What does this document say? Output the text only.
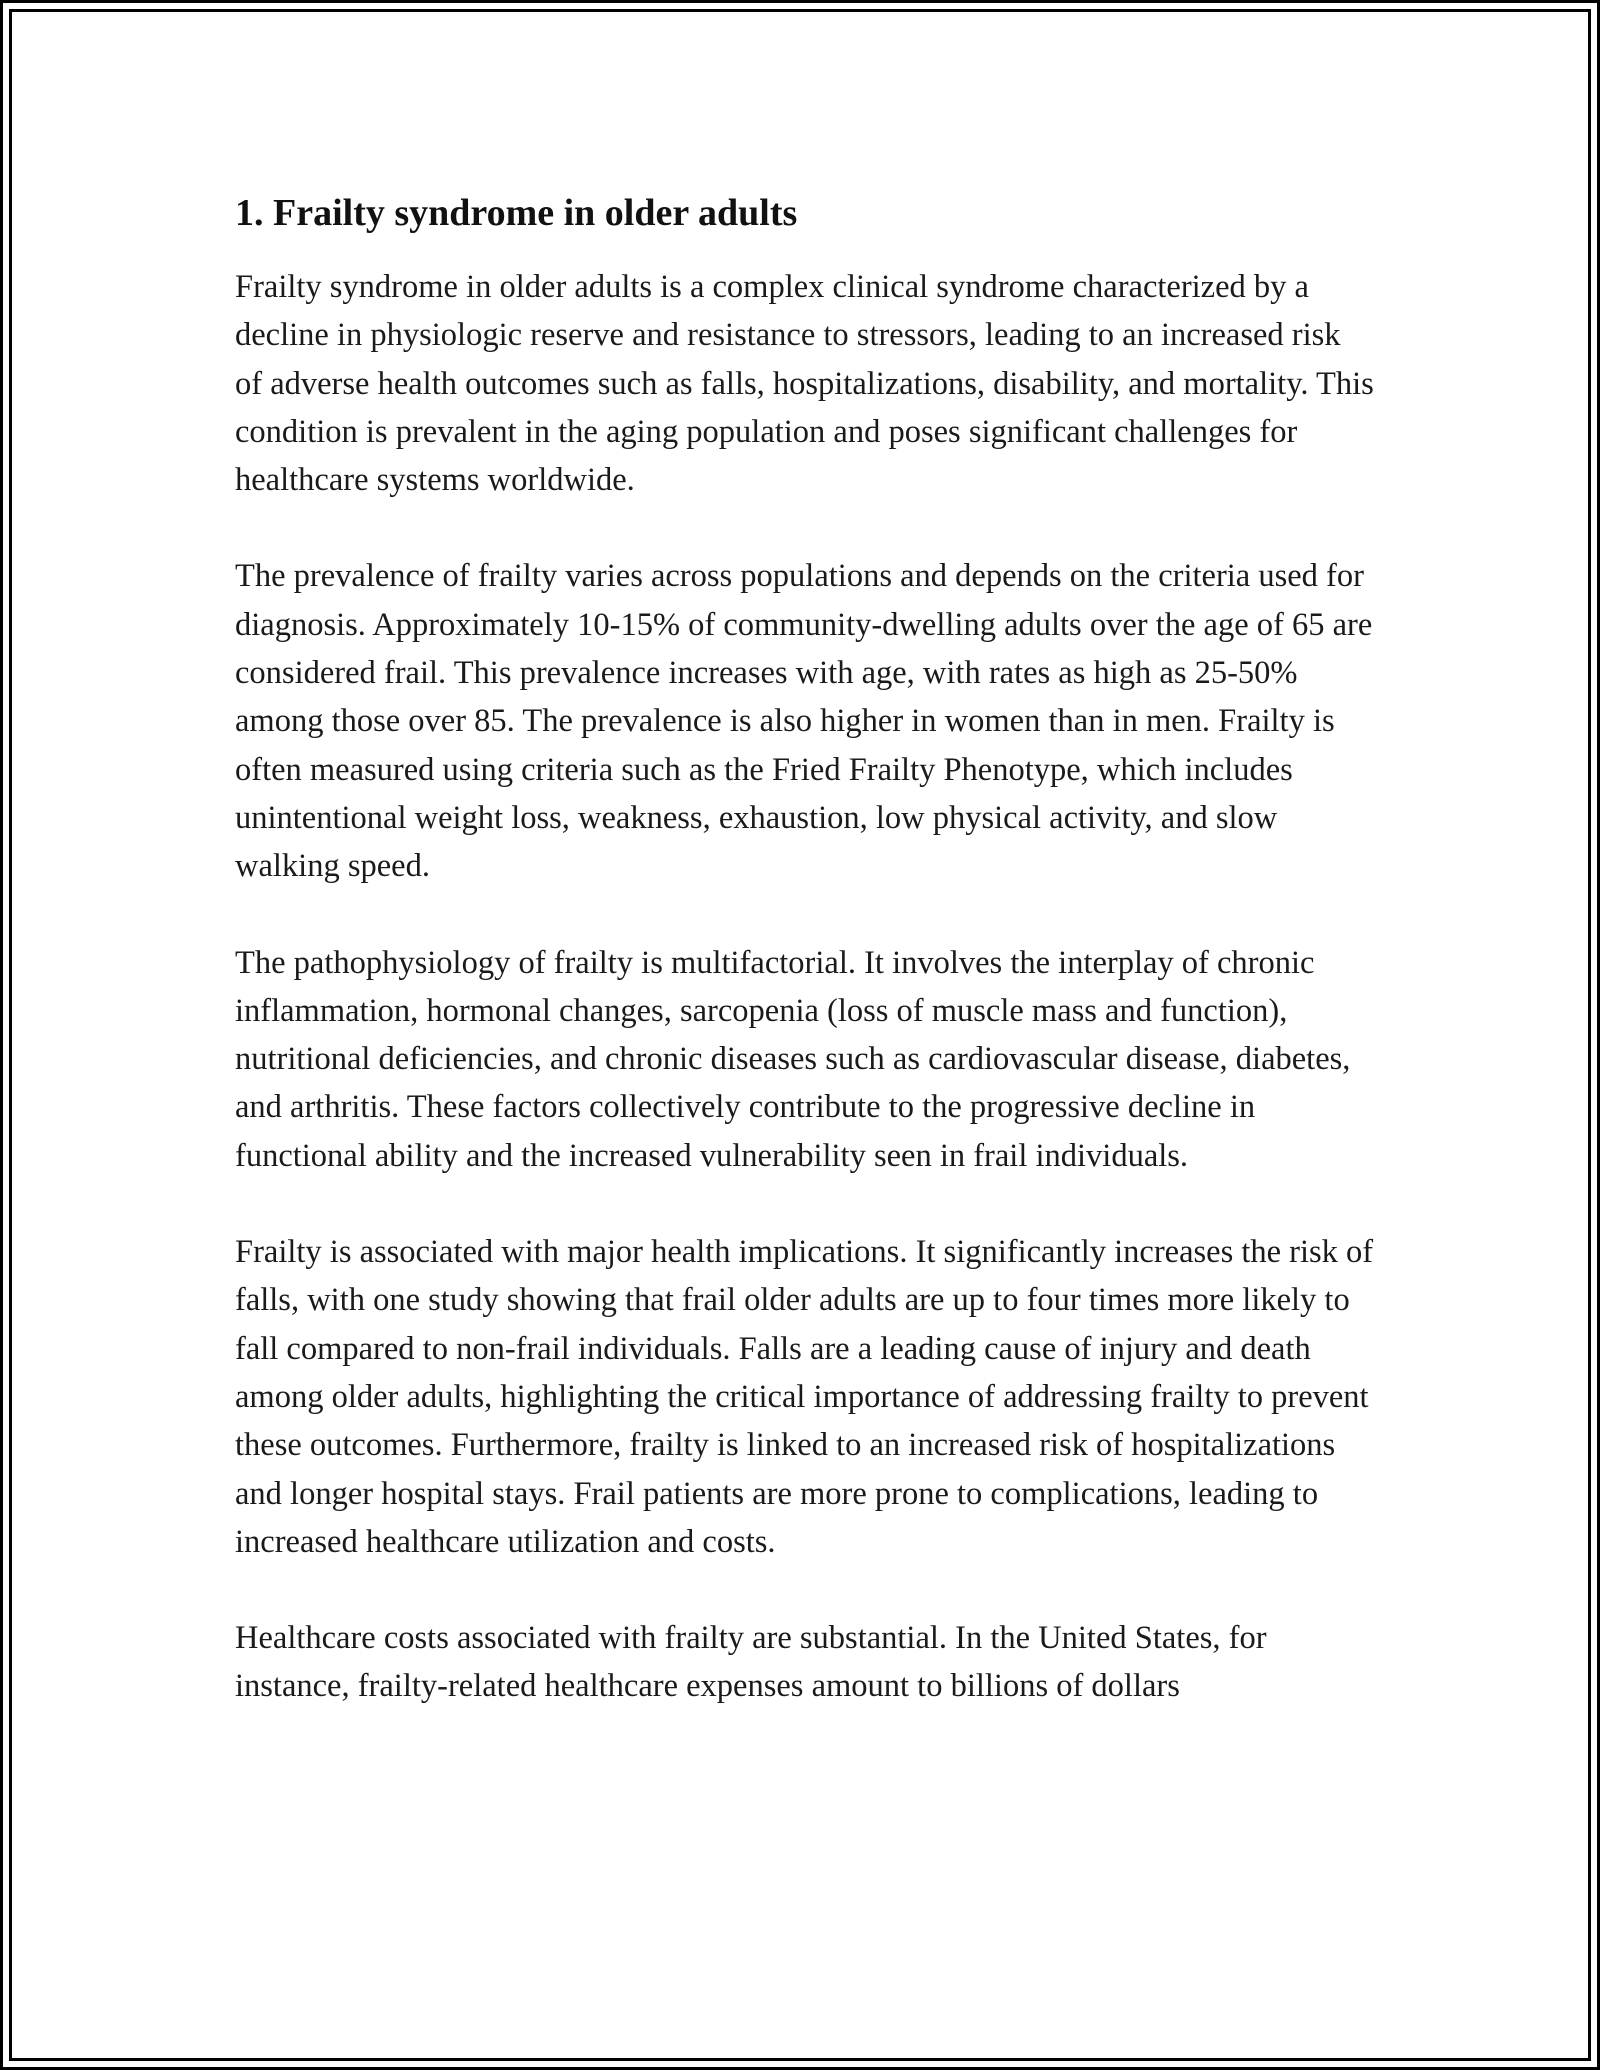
1. Frailty syndrome in older adults

Frailty syndrome in older adults is a complex clinical syndrome characterized by a decline in physiologic reserve and resistance to stressors, leading to an increased risk of adverse health outcomes such as falls, hospitalizations, disability, and mortality. This condition is prevalent in the aging population and poses significant challenges for healthcare systems worldwide.

The prevalence of frailty varies across populations and depends on the criteria used for diagnosis. Approximately 10-15% of community-dwelling adults over the age of 65 are considered frail. This prevalence increases with age, with rates as high as 25-50% among those over 85. The prevalence is also higher in women than in men. Frailty is often measured using criteria such as the Fried Frailty Phenotype, which includes unintentional weight loss, weakness, exhaustion, low physical activity, and slow walking speed.

The pathophysiology of frailty is multifactorial. It involves the interplay of chronic inflammation, hormonal changes, sarcopenia (loss of muscle mass and function), nutritional deficiencies, and chronic diseases such as cardiovascular disease, diabetes, and arthritis. These factors collectively contribute to the progressive decline in functional ability and the increased vulnerability seen in frail individuals.

Frailty is associated with major health implications. It significantly increases the risk of falls, with one study showing that frail older adults are up to four times more likely to fall compared to non-frail individuals. Falls are a leading cause of injury and death among older adults, highlighting the critical importance of addressing frailty to prevent these outcomes. Furthermore, frailty is linked to an increased risk of hospitalizations and longer hospital stays. Frail patients are more prone to complications, leading to increased healthcare utilization and costs.

Healthcare costs associated with frailty are substantial. In the United States, for instance, frailty-related healthcare expenses amount to billions of dollars
